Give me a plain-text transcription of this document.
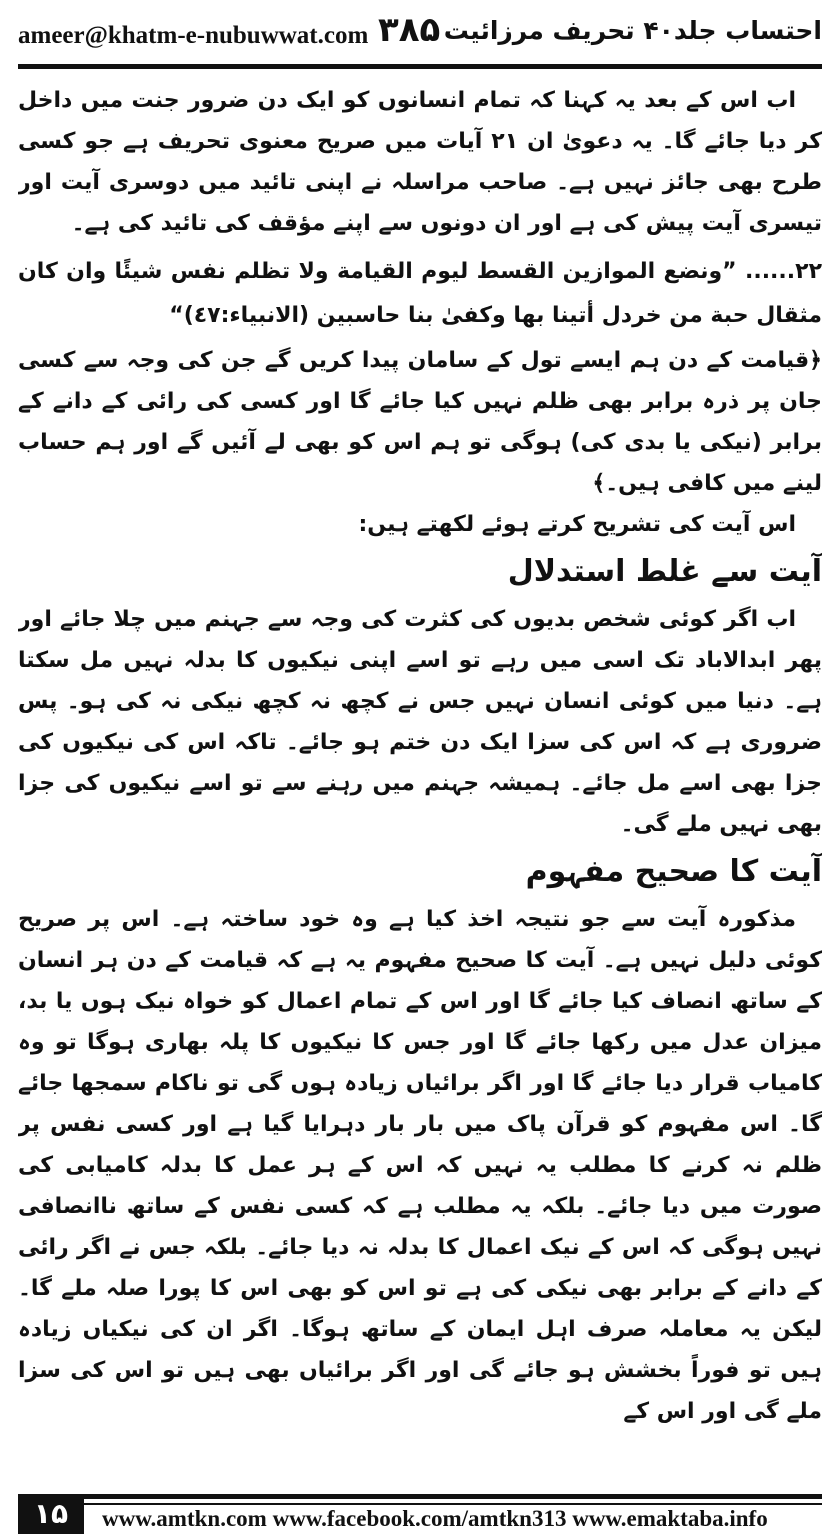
ameer@khatm-e-nubuwwat.com ۳۸۵ احتساب جلد۴۰ تحریف مرزائیت

اب اس کے بعد یہ کہنا کہ تمام انسانوں کو ایک دن ضرور جنت میں داخل کر دیا جائے گا۔ یہ دعویٰ ان ۲۱ آیات میں صریح معنوی تحریف ہے جو کسی طرح بھی جائز نہیں ہے۔ صاحب مراسلہ نے اپنی تائید میں دوسری آیت اور تیسری آیت پیش کی ہے اور ان دونوں سے اپنے مؤقف کی تائید کی ہے۔

۲۲...... ”ونضع الموازين القسط ليوم القيامة ولا تظلم نفس شيئًا وان كان مثقال حبة من خردل أتينا بها وكفىٰ بنا حاسبين (الانبياء:٤٧)“

﴿قیامت کے دن ہم ایسے تول کے سامان پیدا کریں گے جن کی وجہ سے کسی جان پر ذرہ برابر بھی ظلم نہیں کیا جائے گا اور کسی کی رائی کے دانے کے برابر (نیکی یا بدی کی) ہوگی تو ہم اس کو بھی لے آئیں گے اور ہم حساب لینے میں کافی ہیں۔﴾

اس آیت کی تشریح کرتے ہوئے لکھتے ہیں:

آیت سے غلط استدلال

اب اگر کوئی شخص بدیوں کی کثرت کی وجہ سے جہنم میں چلا جائے اور پھر ابدالاباد تک اسی میں رہے تو اسے اپنی نیکیوں کا بدلہ نہیں مل سکتا ہے۔ دنیا میں کوئی انسان نہیں جس نے کچھ نہ کچھ نیکی نہ کی ہو۔ پس ضروری ہے کہ اس کی سزا ایک دن ختم ہو جائے۔ تاکہ اس کی نیکیوں کی جزا بھی اسے مل جائے۔ ہمیشہ جہنم میں رہنے سے تو اسے نیکیوں کی جزا بھی نہیں ملے گی۔

آیت کا صحیح مفہوم

مذکورہ آیت سے جو نتیجہ اخذ کیا ہے وہ خود ساختہ ہے۔ اس پر صریح کوئی دلیل نہیں ہے۔ آیت کا صحیح مفہوم یہ ہے کہ قیامت کے دن ہر انسان کے ساتھ انصاف کیا جائے گا اور اس کے تمام اعمال کو خواہ نیک ہوں یا بد، میزان عدل میں رکھا جائے گا اور جس کا نیکیوں کا پلہ بھاری ہوگا تو وہ کامیاب قرار دیا جائے گا اور اگر برائیاں زیادہ ہوں گی تو ناکام سمجھا جائے گا۔ اس مفہوم کو قرآن پاک میں بار بار دہرایا گیا ہے اور کسی نفس پر ظلم نہ کرنے کا مطلب یہ نہیں کہ اس کے ہر عمل کا بدلہ کامیابی کی صورت میں دیا جائے۔ بلکہ یہ مطلب ہے کہ کسی نفس کے ساتھ ناانصافی نہیں ہوگی کہ اس کے نیک اعمال کا بدلہ نہ دیا جائے۔ بلکہ جس نے اگر رائی کے دانے کے برابر بھی نیکی کی ہے تو اس کو بھی اس کا پورا صلہ ملے گا۔ لیکن یہ معاملہ صرف اہل ایمان کے ساتھ ہوگا۔ اگر ان کی نیکیاں زیادہ ہیں تو فوراً بخشش ہو جائے گی اور اگر برائیاں بھی ہیں تو اس کی سزا ملے گی اور اس کے

۱۵	www.amtkn.com www.facebook.com/amtkn313 www.emaktaba.info
